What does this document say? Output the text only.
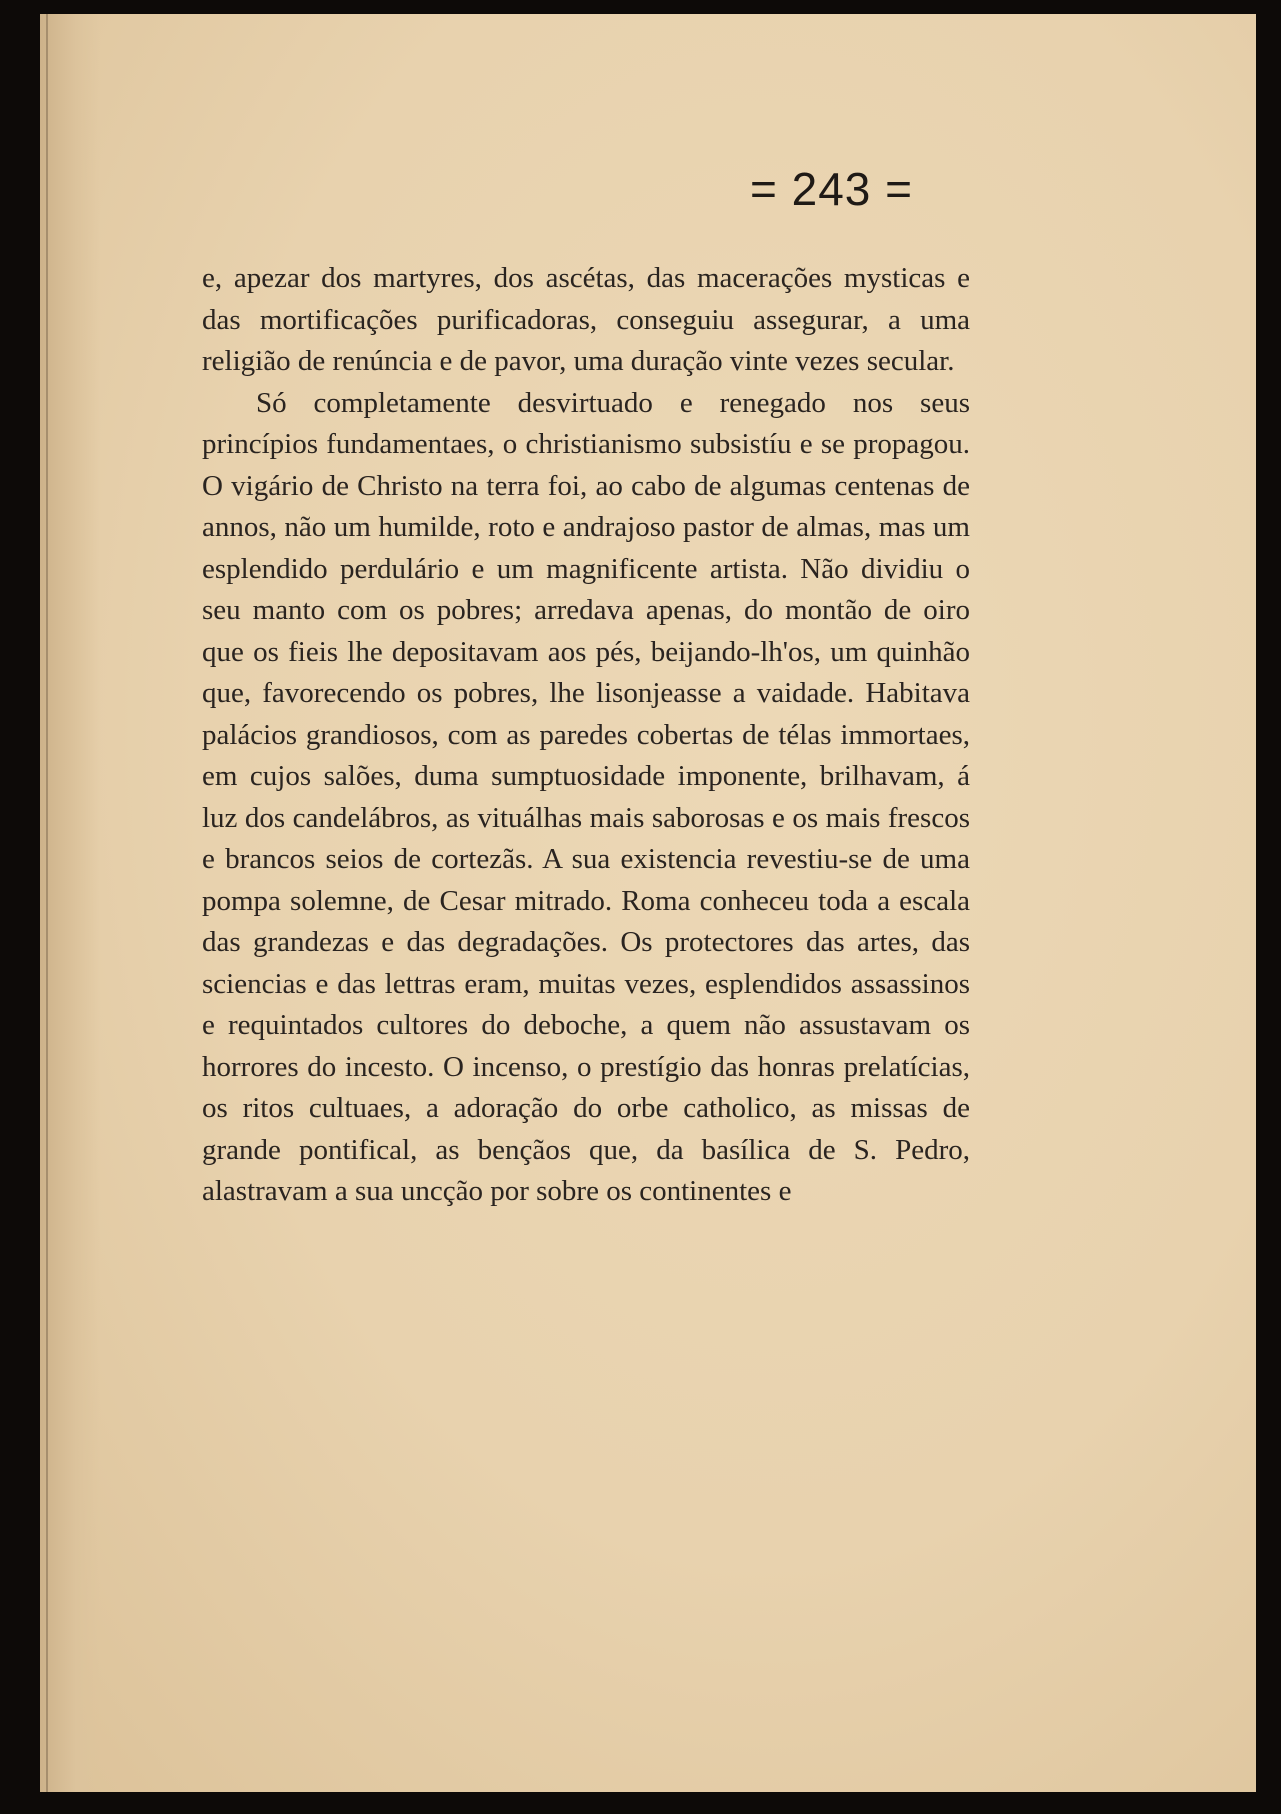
= 243 =

e, apezar dos martyres, dos ascétas, das macerações mysticas e das mortificações purificadoras, conseguiu assegurar, a uma religião de renúncia e de pavor, uma duração vinte vezes secular.

Só completamente desvirtuado e renegado nos seus princípios fundamentaes, o christianismo subsistíu e se propagou. O vigário de Christo na terra foi, ao cabo de algumas centenas de annos, não um humilde, roto e andrajoso pastor de almas, mas um esplendido perdulário e um magnificente artista. Não dividiu o seu manto com os pobres; arredava apenas, do montão de oiro que os fieis lhe depositavam aos pés, beijando-lh'os, um quinhão que, favorecendo os pobres, lhe lisonjeasse a vaidade. Habitava palácios grandiosos, com as paredes cobertas de télas immortaes, em cujos salões, duma sumptuosidade imponente, brilhavam, á luz dos candelábros, as vituálhas mais saborosas e os mais frescos e brancos seios de cortezãs. A sua existencia revestiu-se de uma pompa solemne, de Cesar mitrado. Roma conheceu toda a escala das grandezas e das degradações. Os protectores das artes, das sciencias e das lettras eram, muitas vezes, esplendidos assassinos e requintados cultores do deboche, a quem não assustavam os horrores do incesto. O incenso, o prestígio das honras prelatícias, os ritos cultuaes, a adoração do orbe catholico, as missas de grande pontifical, as bençãos que, da basílica de S. Pedro, alastravam a sua uncção por sobre os continentes e
